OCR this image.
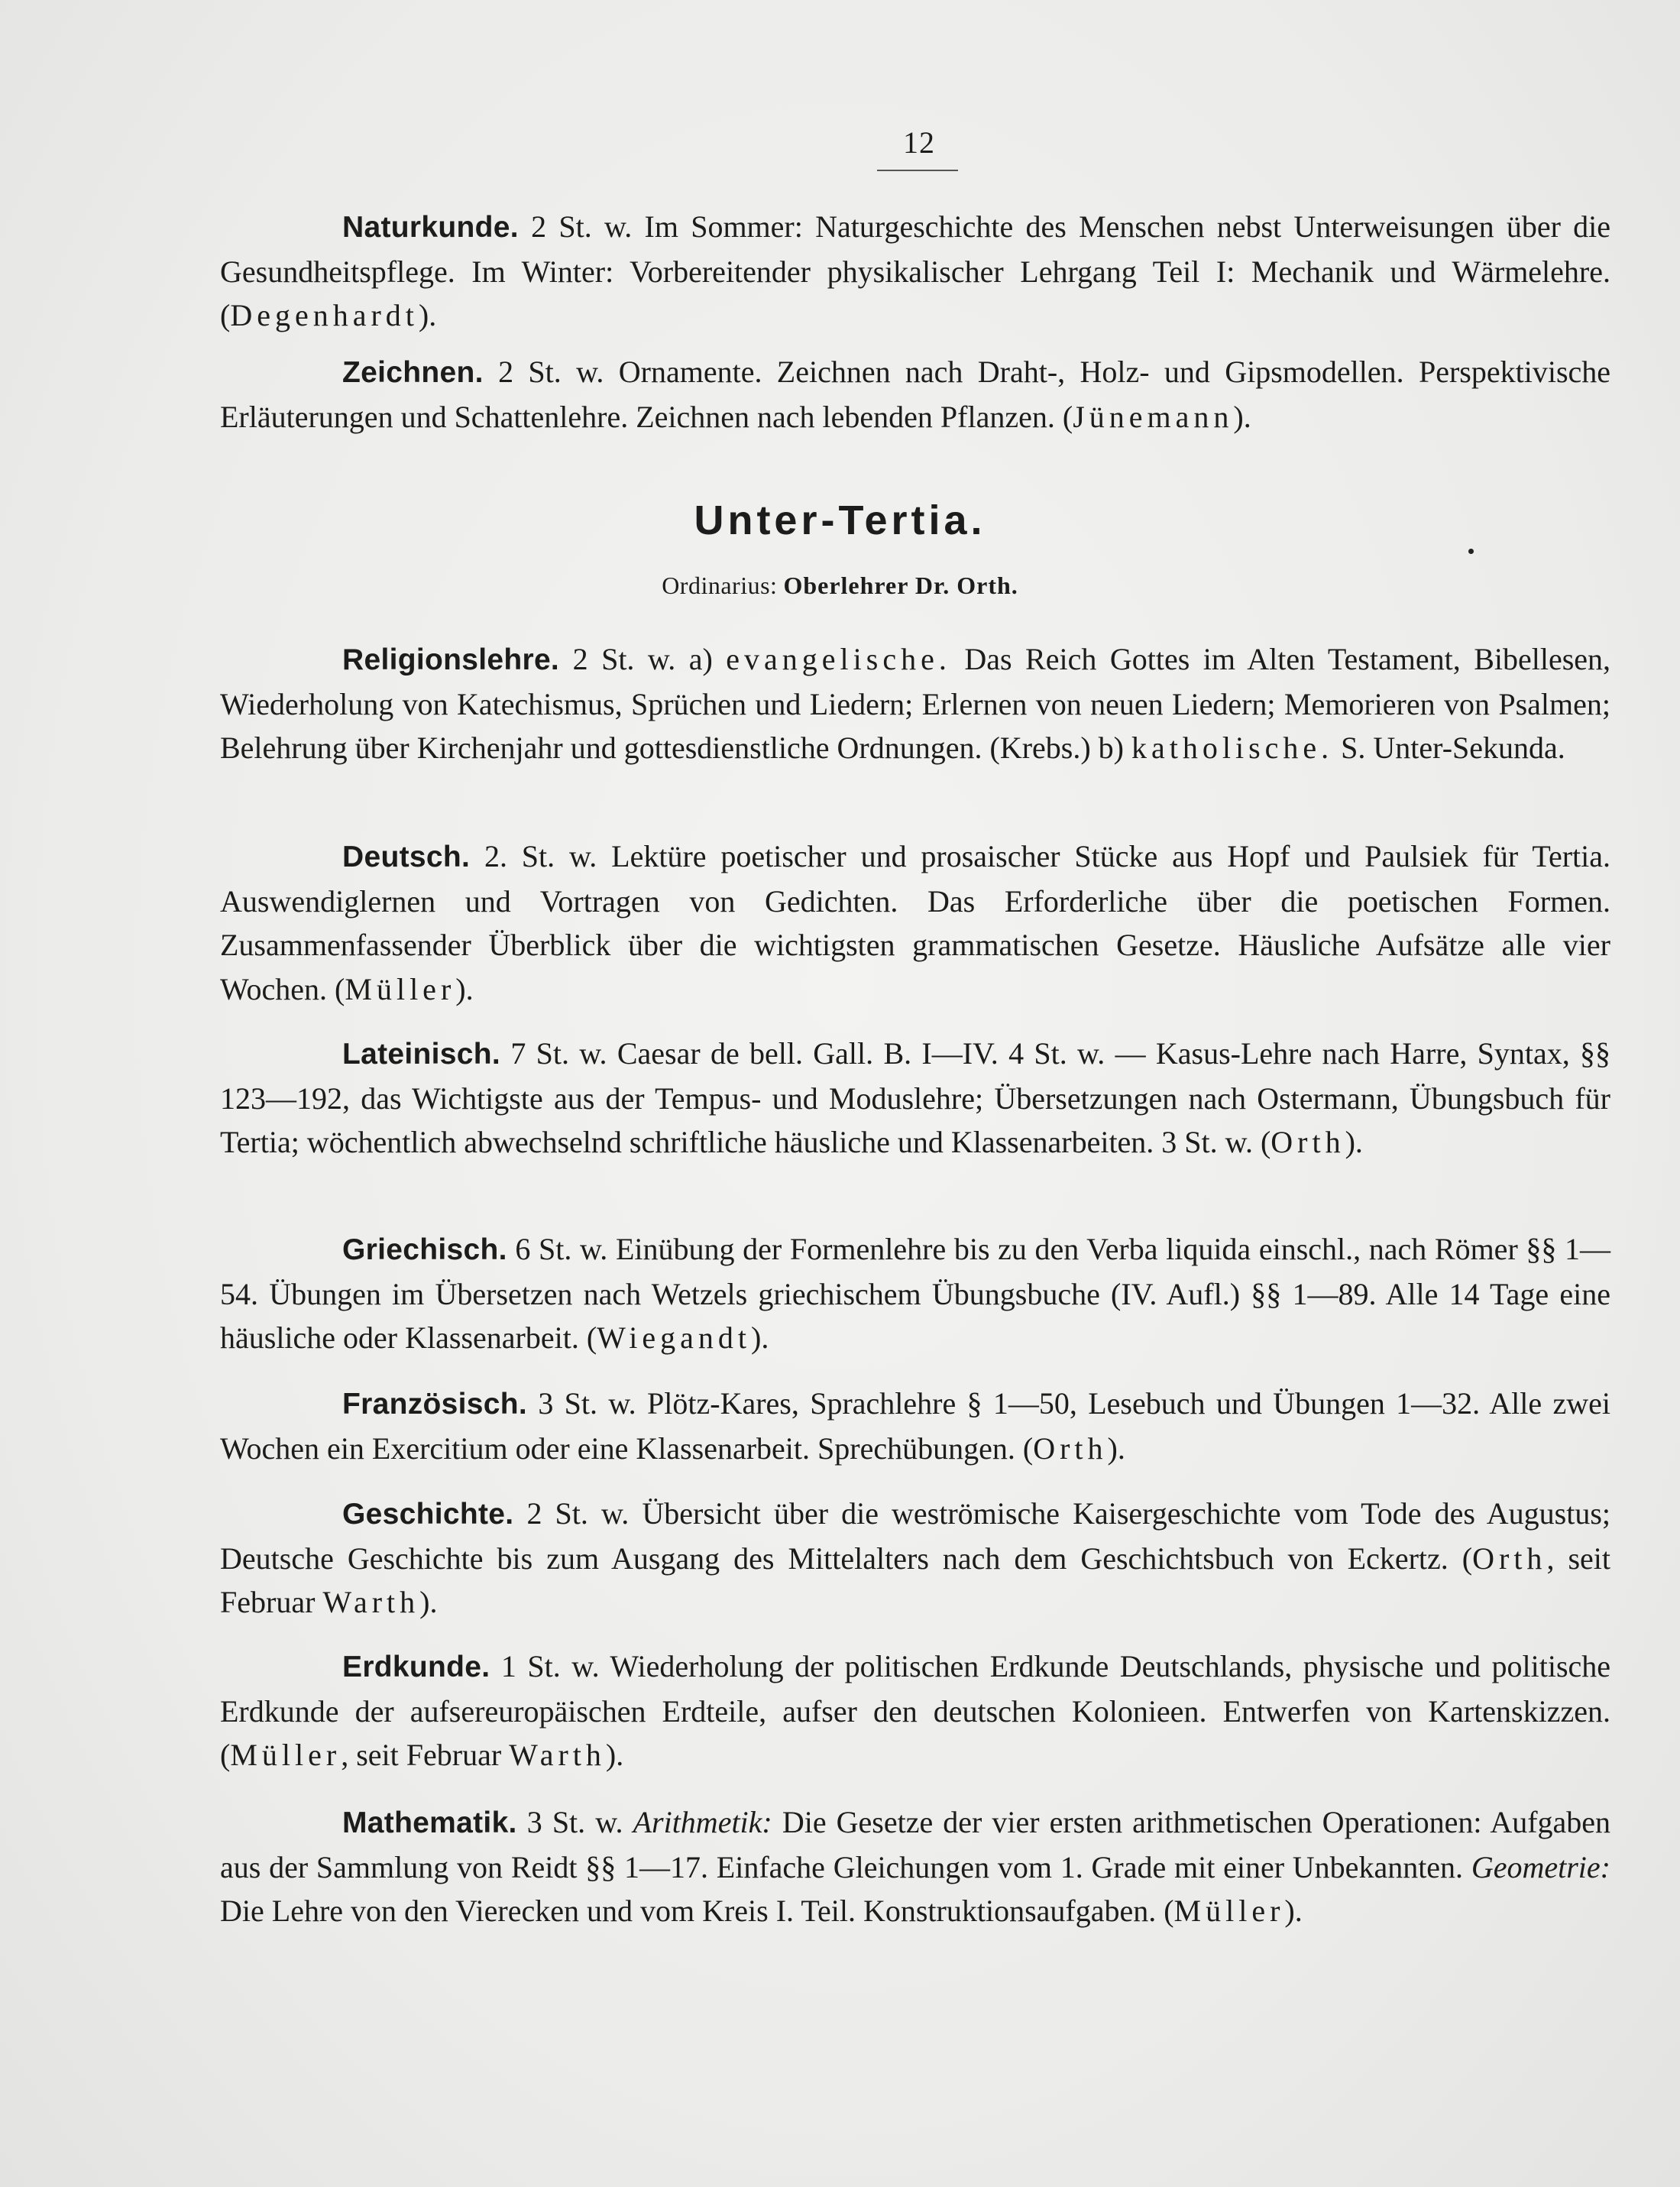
12

Naturkunde. 2 St. w. Im Sommer: Naturgeschichte des Menschen nebst Unterweisungen über die Gesundheitspflege. Im Winter: Vorbereitender physikalischer Lehrgang Teil I: Mechanik und Wärmelehre. (Degenhardt).

Zeichnen. 2 St. w. Ornamente. Zeichnen nach Draht-, Holz- und Gipsmodellen. Perspektivische Erläuterungen und Schattenlehre. Zeichnen nach lebenden Pflanzen. (Jünemann).

Unter-Tertia.
Ordinarius: Oberlehrer Dr. Orth.

Religionslehre. 2 St. w. a) evangelische. Das Reich Gottes im Alten Testament, Bibellesen, Wiederholung von Katechismus, Sprüchen und Liedern; Erlernen von neuen Liedern; Memorieren von Psalmen; Belehrung über Kirchenjahr und gottesdienstliche Ordnungen. (Krebs.) b) katholische. S. Unter-Sekunda.

Deutsch. 2. St. w. Lektüre poetischer und prosaischer Stücke aus Hopf und Paulsiek für Tertia. Auswendiglernen und Vortragen von Gedichten. Das Erforderliche über die poetischen Formen. Zusammenfassender Überblick über die wichtigsten grammatischen Gesetze. Häusliche Aufsätze alle vier Wochen. (Müller).

Lateinisch. 7 St. w. Caesar de bell. Gall. B. I—IV. 4 St. w. — Kasus-Lehre nach Harre, Syntax, §§ 123—192, das Wichtigste aus der Tempus- und Moduslehre; Übersetzungen nach Ostermann, Übungsbuch für Tertia; wöchentlich abwechselnd schriftliche häusliche und Klassenarbeiten. 3 St. w. (Orth).

Griechisch. 6 St. w. Einübung der Formenlehre bis zu den Verba liquida einschl., nach Römer §§ 1—54. Übungen im Übersetzen nach Wetzels griechischem Übungsbuche (IV. Aufl.) §§ 1—89. Alle 14 Tage eine häusliche oder Klassenarbeit. (Wiegandt).

Französisch. 3 St. w. Plötz-Kares, Sprachlehre § 1—50, Lesebuch und Übungen 1—32. Alle zwei Wochen ein Exercitium oder eine Klassenarbeit. Sprechübungen. (Orth).

Geschichte. 2 St. w. Übersicht über die weströmische Kaisergeschichte vom Tode des Augustus; Deutsche Geschichte bis zum Ausgang des Mittelalters nach dem Geschichtsbuch von Eckertz. (Orth, seit Februar Warth).

Erdkunde. 1 St. w. Wiederholung der politischen Erdkunde Deutschlands, physische und politische Erdkunde der aufsereuropäischen Erdteile, aufser den deutschen Kolonieen. Entwerfen von Kartenskizzen. (Müller, seit Februar Warth).

Mathematik. 3 St. w. Arithmetik: Die Gesetze der vier ersten arithmetischen Operationen: Aufgaben aus der Sammlung von Reidt §§ 1—17. Einfache Gleichungen vom 1. Grade mit einer Unbekannten. Geometrie: Die Lehre von den Vierecken und vom Kreis I. Teil. Konstruktionsaufgaben. (Müller).
